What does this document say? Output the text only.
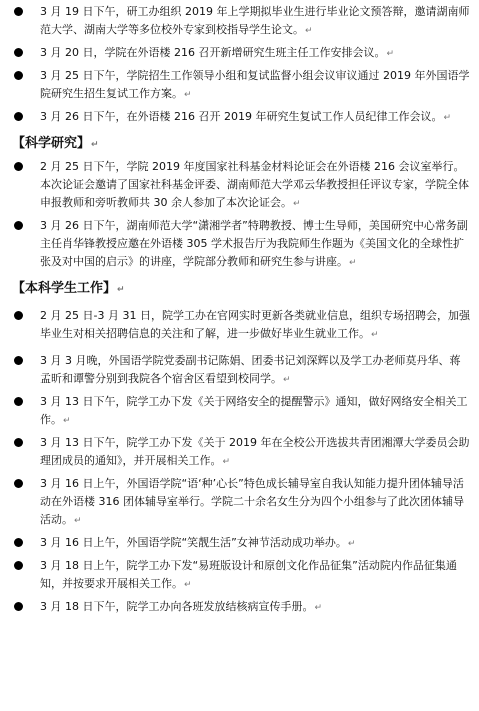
3 月 19 日下午，研工办组织 2019 年上学期拟毕业生进行毕业论文预答辩，邀请湖南师范大学、湖南大学等多位校外专家到校指导学生论文。↵
3 月 20 日，学院在外语楼 216 召开新增研究生班主任工作安排会议。↵
3 月 25 日下午，学院招生工作领导小组和复试监督小组会议审议通过 2019 年外国语学院研究生招生复试工作方案。↵
3 月 26 日下午，在外语楼 216 召开 2019 年研究生复试工作人员纪律工作会议。↵
【科学研究】↵
2 月 25 日下午，学院 2019 年度国家社科基金材料论证会在外语楼 216 会议室举行。本次论证会邀请了国家社科基金评委、湖南师范大学邓云华教授担任评议专家，学院全体申报教师和旁听教师共 30 余人参加了本次论证会。↵
3 月 26 日下午，湖南师范大学“潇湘学者”特聘教授、博士生导师，美国研究中心常务副主任肖华锋教授应邀在外语楼 305 学术报告厅为我院师生作题为《美国文化的全球性扩张及对中国的启示》的讲座，学院部分教师和研究生参与讲座。↵
【本科学生工作】↵
2 月 25 日-3 月 31 日，院学工办在官网实时更新各类就业信息，组织专场招聘会，加强毕业生对相关招聘信息的关注和了解，进一步做好毕业生就业工作。↵
3 月 3 月晚，外国语学院党委副书记陈娟、团委书记刘深辉以及学工办老师莫丹华、蒋孟昕和谭警分别到我院各个宿舍区看望到校同学。↵
3 月 13 日下午，院学工办下发《关于网络安全的提醒警示》通知，做好网络安全相关工作。↵
3 月 13 日下午，院学工办下发《关于 2019 年在全校公开选拔共青团湘潭大学委员会助理团成员的通知》，并开展相关工作。↵
3 月 16 日上午，外国语学院“语‘种’心长”特色成长辅导室自我认知能力提升团体辅导活动在外语楼 316 团体辅导室举行。学院二十余名女生分为四个小组参与了此次团体辅导活动。↵
3 月 16 日上午，外国语学院“笑靓生活”女神节活动成功举办。↵
3 月 18 日上午，院学工办下发“易班版设计和原创文化作品征集”活动院内作品征集通知，并按要求开展相关工作。↵
3 月 18 日下午，院学工办向各班发放结核病宣传手册。↵
